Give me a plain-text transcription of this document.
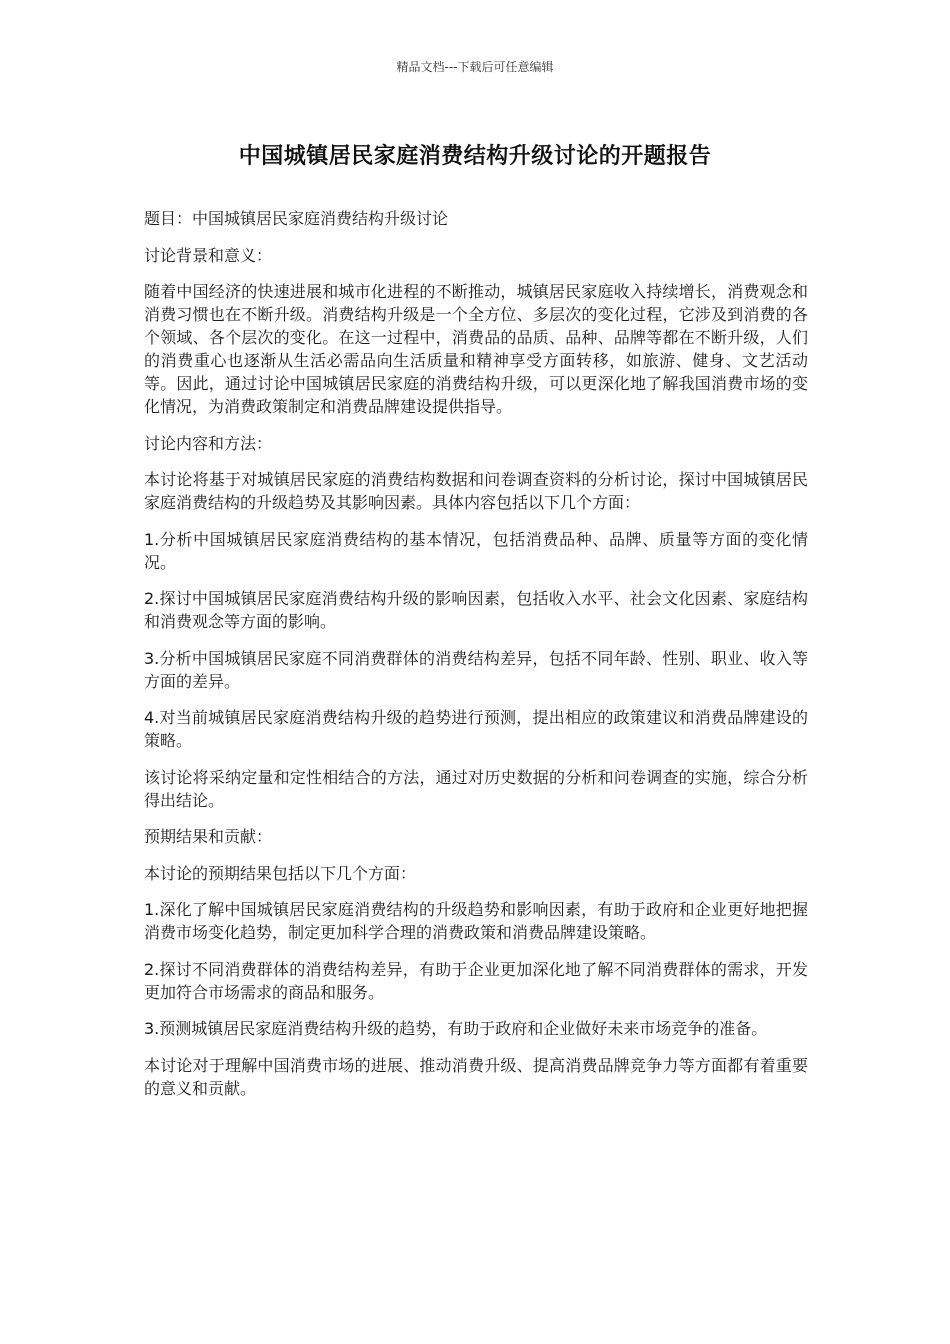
精品文档---下载后可任意编辑
中国城镇居民家庭消费结构升级讨论的开题报告

题目：中国城镇居民家庭消费结构升级讨论

讨论背景和意义：

随着中国经济的快速进展和城市化进程的不断推动，城镇居民家庭收入持续增长，消费观念和消费习惯也在不断升级。消费结构升级是一个全方位、多层次的变化过程，它涉及到消费的各个领域、各个层次的变化。在这一过程中，消费品的品质、品种、品牌等都在不断升级，人们的消费重心也逐渐从生活必需品向生活质量和精神享受方面转移，如旅游、健身、文艺活动等。因此，通过讨论中国城镇居民家庭的消费结构升级，可以更深化地了解我国消费市场的变化情况，为消费政策制定和消费品牌建设提供指导。

讨论内容和方法：

本讨论将基于对城镇居民家庭的消费结构数据和问卷调查资料的分析讨论，探讨中国城镇居民家庭消费结构的升级趋势及其影响因素。具体内容包括以下几个方面：

1.分析中国城镇居民家庭消费结构的基本情况，包括消费品种、品牌、质量等方面的变化情况。

2.探讨中国城镇居民家庭消费结构升级的影响因素，包括收入水平、社会文化因素、家庭结构和消费观念等方面的影响。

3.分析中国城镇居民家庭不同消费群体的消费结构差异，包括不同年龄、性别、职业、收入等方面的差异。

4.对当前城镇居民家庭消费结构升级的趋势进行预测，提出相应的政策建议和消费品牌建设的策略。

该讨论将采纳定量和定性相结合的方法，通过对历史数据的分析和问卷调查的实施，综合分析得出结论。

预期结果和贡献：

本讨论的预期结果包括以下几个方面：

1.深化了解中国城镇居民家庭消费结构的升级趋势和影响因素，有助于政府和企业更好地把握消费市场变化趋势，制定更加科学合理的消费政策和消费品牌建设策略。

2.探讨不同消费群体的消费结构差异，有助于企业更加深化地了解不同消费群体的需求，开发更加符合市场需求的商品和服务。

3.预测城镇居民家庭消费结构升级的趋势，有助于政府和企业做好未来市场竞争的准备。

本讨论对于理解中国消费市场的进展、推动消费升级、提高消费品牌竞争力等方面都有着重要的意义和贡献。
